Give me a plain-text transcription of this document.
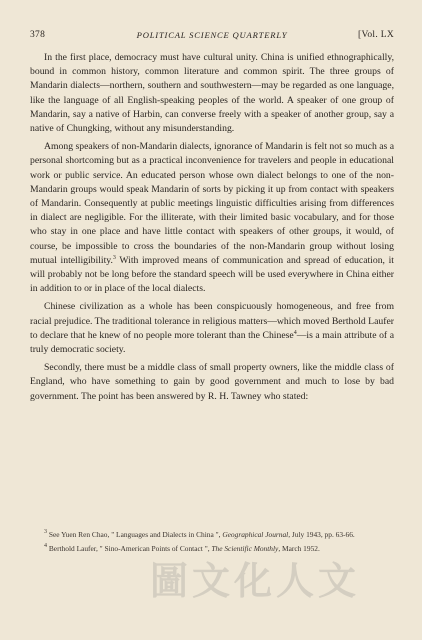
378	POLITICAL SCIENCE QUARTERLY	[Vol. LX

In the first place, democracy must have cultural unity. China is unified ethnographically, bound in common history, common literature and common spirit. The three groups of Mandarin dialects—northern, southern and southwestern—may be regarded as one language, like the language of all English-speaking peoples of the world. A speaker of one group of Mandarin, say a native of Harbin, can converse freely with a speaker of another group, say a native of Chungking, without any misunderstanding.

Among speakers of non-Mandarin dialects, ignorance of Mandarin is felt not so much as a personal shortcoming but as a practical inconvenience for travelers and people in educational work or public service. An educated person whose own dialect belongs to one of the non-Mandarin groups would speak Mandarin of sorts by picking it up from contact with speakers of Mandarin. Consequently at public meetings linguistic difficulties arising from differences in dialect are negligible. For the illiterate, with their limited basic vocabulary, and for those who stay in one place and have little contact with speakers of other groups, it would, of course, be impossible to cross the boundaries of the non-Mandarin group without losing mutual intelligibility.$^3$ With improved means of communication and spread of education, it will probably not be long before the standard speech will be used everywhere in China either in addition to or in place of the local dialects.

Chinese civilization as a whole has been conspicuously homogeneous, and free from racial prejudice. The traditional tolerance in religious matters—which moved Berthold Laufer to declare that he knew of no people more tolerant than the Chinese$^4$—is a main attribute of a truly democratic society.

Secondly, there must be a middle class of small property owners, like the middle class of England, who have something to gain by good government and much to lose by bad government. The point has been answered by R. H. Tawney who stated:

$^3$ See Yuen Ren Chao, " Languages and Dialects in China ", Geographical Journal, July 1943, pp. 63-66.

$^4$ Berthold Laufer, " Sino-American Points of Contact ", The Scientific Monthly, March 1952.

圖文化人文
